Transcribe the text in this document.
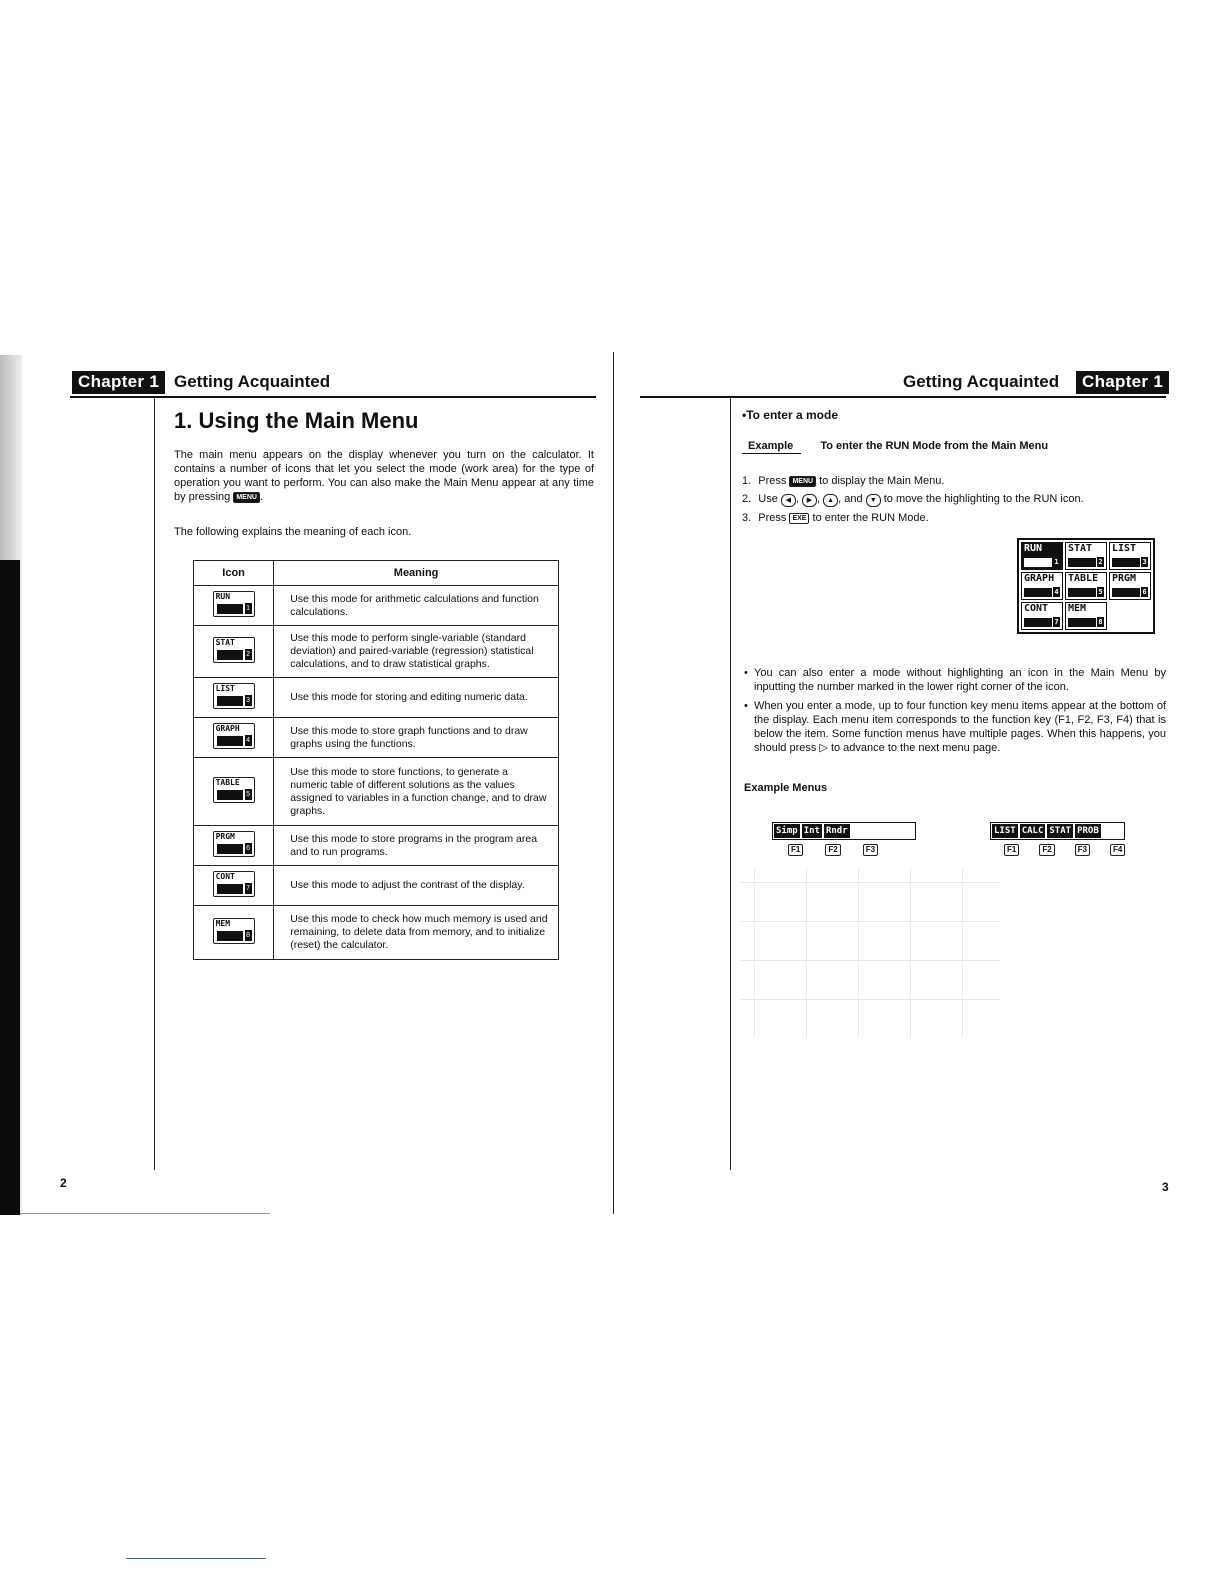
Chapter 1 Getting Acquainted
1. Using the Main Menu
The main menu appears on the display whenever you turn on the calculator. It contains a number of icons that let you select the mode (work area) for the type of operation you want to perform. You can also make the Main Menu appear at any time by pressing MENU .
The following explains the meaning of each icon.
Icon	Meaning

RUN
1	Use this mode for arithmetic calculations and function calculations.

STAT
2	Use this mode to perform single-variable (standard deviation) and paired-variable (regression) statistical calculations, and to draw statistical graphs.

LIST
3	Use this mode for storing and editing numeric data.

GRAPH
4	Use this mode to store graph functions and to draw graphs using the functions.

TABLE
5	Use this mode to store functions, to generate a numeric table of different solutions as the values assigned to variables in a function change, and to draw graphs.

PRGM
6	Use this mode to store programs in the program area and to run programs.

CONT
7	Use this mode to adjust the contrast of the display.

MEM
8	Use this mode to check how much memory is used and remaining, to delete data from memory, and to initialize (reset) the calculator.
2
Getting Acquainted	Chapter 1
•To enter a mode
Example To enter the RUN Mode from the Main Menu
1. Press MENU to display the Main Menu.
2. Use ◀ , ▶ , ▲ , and ▼ to move the highlighting to the RUN icon.
3. Press EXE to enter the RUN Mode.
RUN
1
STAT
2
LIST
3
GRAPH
4
TABLE
5
PRGM
6
CONT
7
MEM
8
• You can also enter a mode without highlighting an icon in the Main Menu by inputting the number marked in the lower right corner of the icon.
• When you enter a mode, up to four function key menu items appear at the bottom of the display. Each menu item corresponds to the function key (F1, F2, F3, F4) that is below the item. Some function menus have multiple pages. When this happens, you should press ▷ to advance to the next menu page.
Example Menus
Simp Int Rndr
F1	F2	F3
LIST CALC STAT PROB
F1	F2	F3	F4
3
